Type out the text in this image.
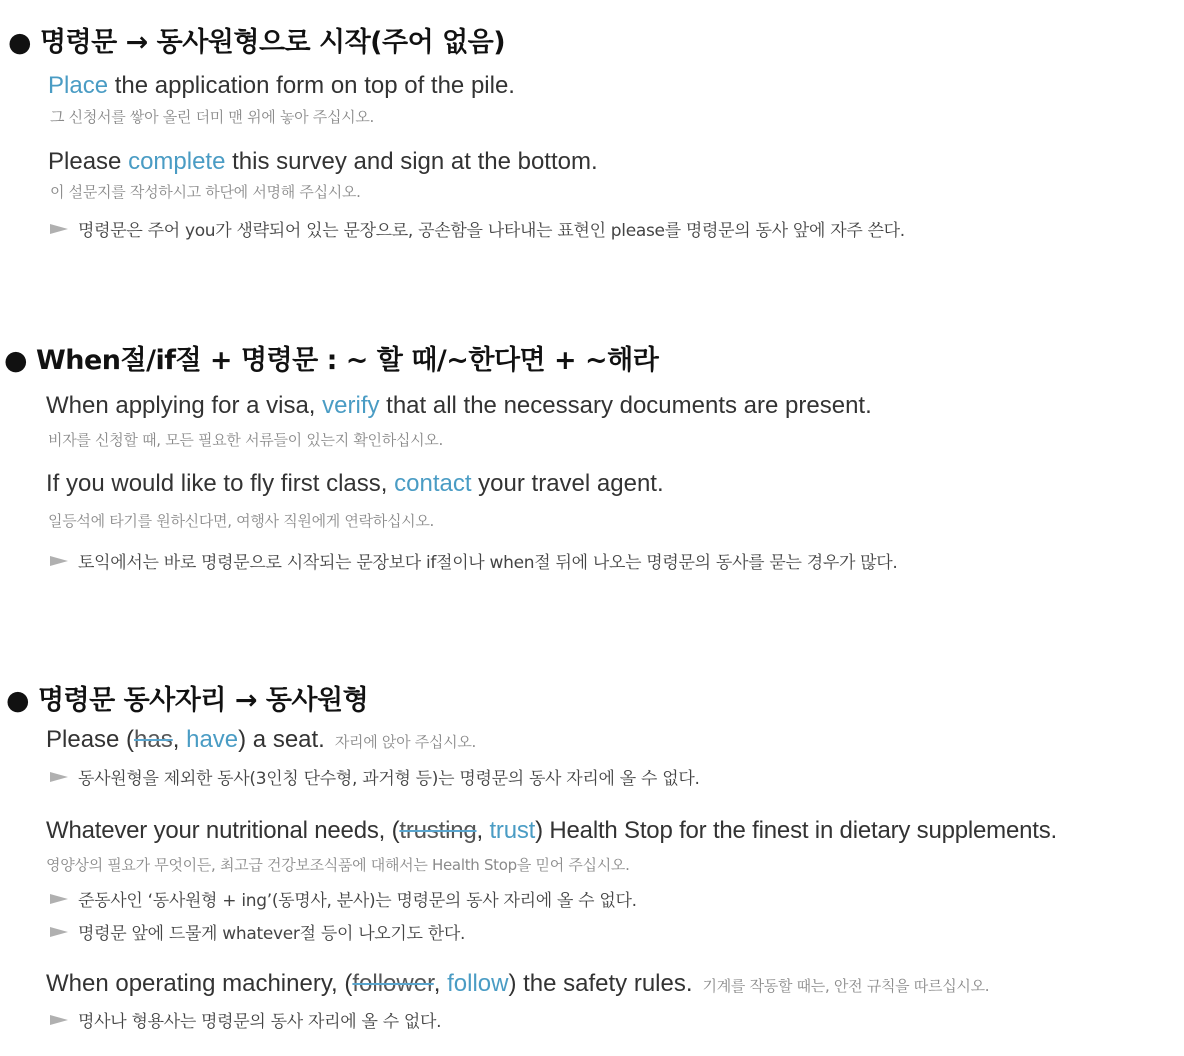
● 명령문 → 동사원형으로 시작(주어 없음)
Place the application form on top of the pile.
그 신청서를 쌓아 올린 더미 맨 위에 놓아 주십시오.
Please complete this survey and sign at the bottom.
이 설문지를 작성하시고 하단에 서명해 주십시오.
명령문은 주어 you가 생략되어 있는 문장으로, 공손함을 나타내는 표현인 please를 명령문의 동사 앞에 자주 쓴다.
● When절/if절 + 명령문 : ~ 할 때/~한다면 + ~해라
When applying for a visa, verify that all the necessary documents are present.
비자를 신청할 때, 모든 필요한 서류들이 있는지 확인하십시오.
If you would like to fly first class, contact your travel agent.
일등석에 타기를 원하신다면, 여행사 직원에게 연락하십시오.
토익에서는 바로 명령문으로 시작되는 문장보다 if절이나 when절 뒤에 나오는 명령문의 동사를 묻는 경우가 많다.
● 명령문 동사자리 → 동사원형
Please (has, have) a seat. 자리에 앉아 주십시오.
동사원형을 제외한 동사(3인칭 단수형, 과거형 등)는 명령문의 동사 자리에 올 수 없다.
Whatever your nutritional needs, (trusting, trust) Health Stop for the finest in dietary supplements.
영양상의 필요가 무엇이든, 최고급 건강보조식품에 대해서는 Health Stop을 믿어 주십시오.
준동사인 ‘동사원형 + ing’(동명사, 분사)는 명령문의 동사 자리에 올 수 없다.
명령문 앞에 드물게 whatever절 등이 나오기도 한다.
When operating machinery, (follower, follow) the safety rules. 기계를 작동할 때는, 안전 규칙을 따르십시오.
명사나 형용사는 명령문의 동사 자리에 올 수 없다.
